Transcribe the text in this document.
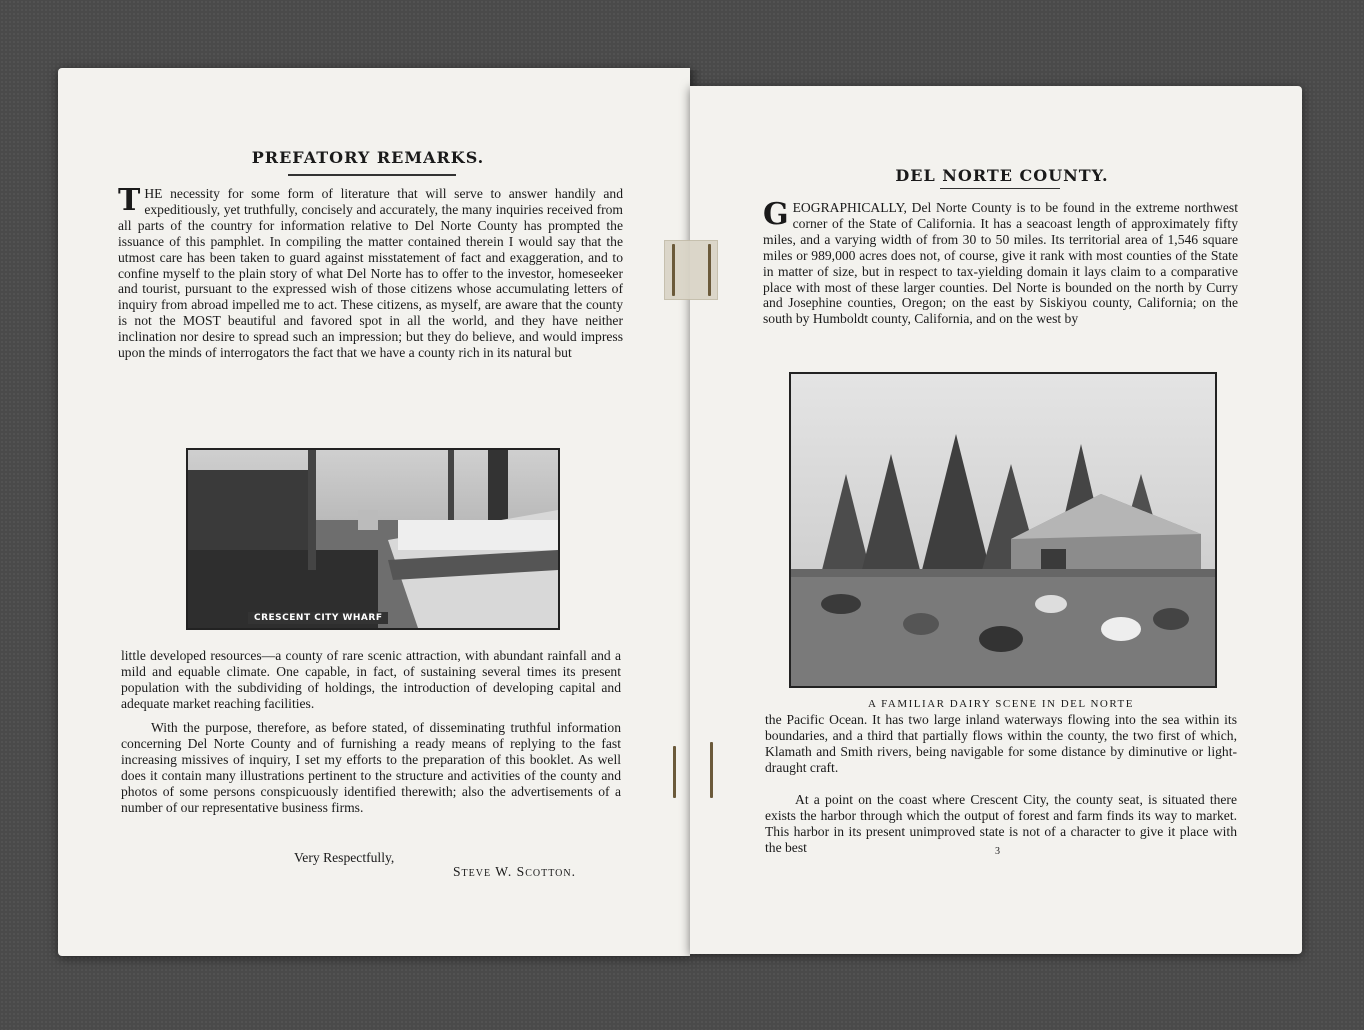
PREFATORY REMARKS.

THE necessity for some form of literature that will serve to answer handily and expeditiously, yet truthfully, concisely and accurately, the many inquiries received from all parts of the country for information relative to Del Norte County has prompted the issuance of this pamphlet. In compiling the matter contained therein I would say that the utmost care has been taken to guard against misstatement of fact and exaggeration, and to confine myself to the plain story of what Del Norte has to offer to the investor, homeseeker and tourist, pursuant to the expressed wish of those citizens whose accumulating letters of inquiry from abroad impelled me to act. These citizens, as myself, are aware that the county is not the MOST beautiful and favored spot in all the world, and they have neither inclination nor desire to spread such an impression; but they do believe, and would impress upon the minds of interrogators the fact that we have a county rich in its natural but

CRESCENT CITY WHARF

little developed resources—a county of rare scenic attraction, with abundant rainfall and a mild and equable climate. One capable, in fact, of sustaining several times its present population with the subdividing of holdings, the introduction of developing capital and adequate market reaching facilities.

With the purpose, therefore, as before stated, of disseminating truthful information concerning Del Norte County and of furnishing a ready means of replying to the fast increasing missives of inquiry, I set my efforts to the preparation of this booklet. As well does it contain many illustrations pertinent to the structure and activities of the county and photos of some persons conspicuously identified therewith; also the advertisements of a number of our representative business firms.

Very Respectfully,
Steve W. Scotton.
DEL NORTE COUNTY.

GEOGRAPHICALLY, Del Norte County is to be found in the extreme northwest corner of the State of California. It has a seacoast length of approximately fifty miles, and a varying width of from 30 to 50 miles. Its territorial area of 1,546 square miles or 989,000 acres does not, of course, give it rank with most counties of the State in matter of size, but in respect to tax-yielding domain it lays claim to a comparative place with most of these larger counties. Del Norte is bounded on the north by Curry and Josephine counties, Oregon; on the east by Siskiyou county, California; on the south by Humboldt county, California, and on the west by

A FAMILIAR DAIRY SCENE IN DEL NORTE

the Pacific Ocean. It has two large inland waterways flowing into the sea within its boundaries, and a third that partially flows within the county, the two first of which, Klamath and Smith rivers, being navigable for some distance by diminutive or light-draught craft.

At a point on the coast where Crescent City, the county seat, is situated there exists the harbor through which the output of forest and farm finds its way to market. This harbor in its present unimproved state is not of a character to give it place with the best	3
